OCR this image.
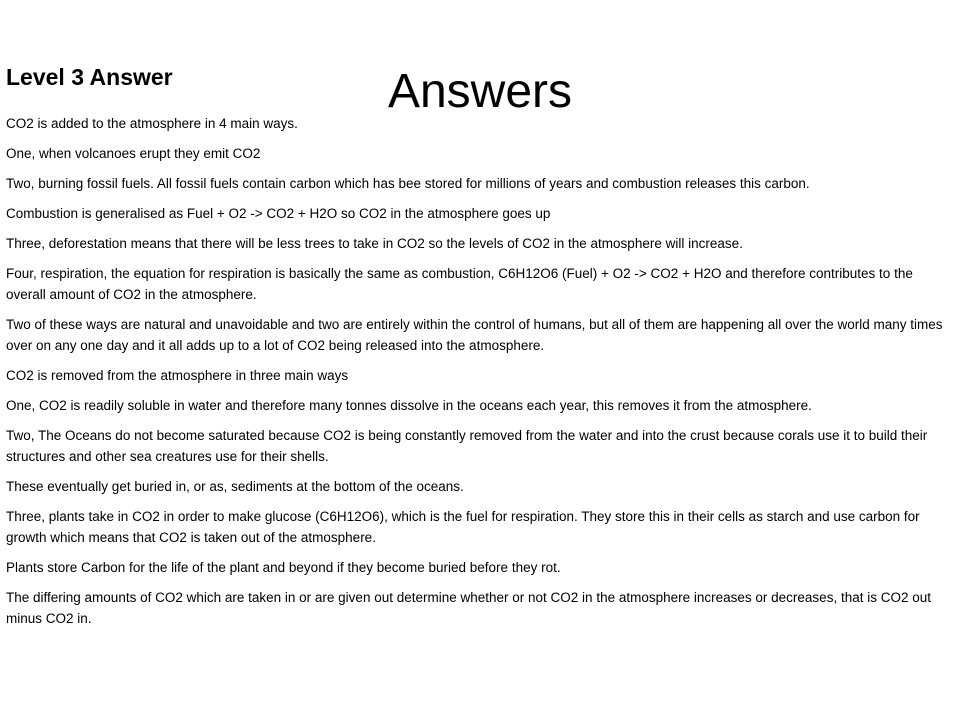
Answers
Level 3 Answer

CO2 is added to the atmosphere in 4 main ways.

One, when volcanoes erupt they emit CO2

Two, burning fossil fuels. All fossil fuels contain carbon which has bee stored for millions of years and combustion releases this carbon.

Combustion is generalised as Fuel + O2 -> CO2 + H2O so CO2 in the atmosphere goes up

Three, deforestation means that there will be less trees to take in CO2 so the levels of CO2 in the atmosphere will increase.

Four, respiration, the equation for respiration is basically the same as combustion, C6H12O6 (Fuel) + O2 -> CO2 + H2O and therefore contributes to the overall amount of CO2 in the atmosphere.

Two of these ways are natural and unavoidable and two are entirely within the control of humans, but all of them are happening all over the world many times over on any one day and it all adds up to a lot of CO2 being released into the atmosphere.

CO2 is removed from the atmosphere in three main ways

One, CO2 is readily soluble in water and therefore many tonnes dissolve in the oceans each year, this removes it from the atmosphere.

Two, The Oceans do not become saturated because CO2 is being constantly removed from the water and into the crust because corals use it to build their structures and other sea creatures use for their shells.

These eventually get buried in, or as, sediments at the bottom of the oceans.

Three, plants take in CO2 in order to make glucose (C6H12O6), which is the fuel for respiration. They store this in their cells as starch and use carbon for growth which means that CO2 is taken out of the atmosphere.

Plants store Carbon for the life of the plant and beyond if they become buried before they rot.

The differing amounts of CO2 which are taken in or are given out determine whether or not CO2 in the atmosphere increases or decreases, that is CO2 out minus CO2 in.
